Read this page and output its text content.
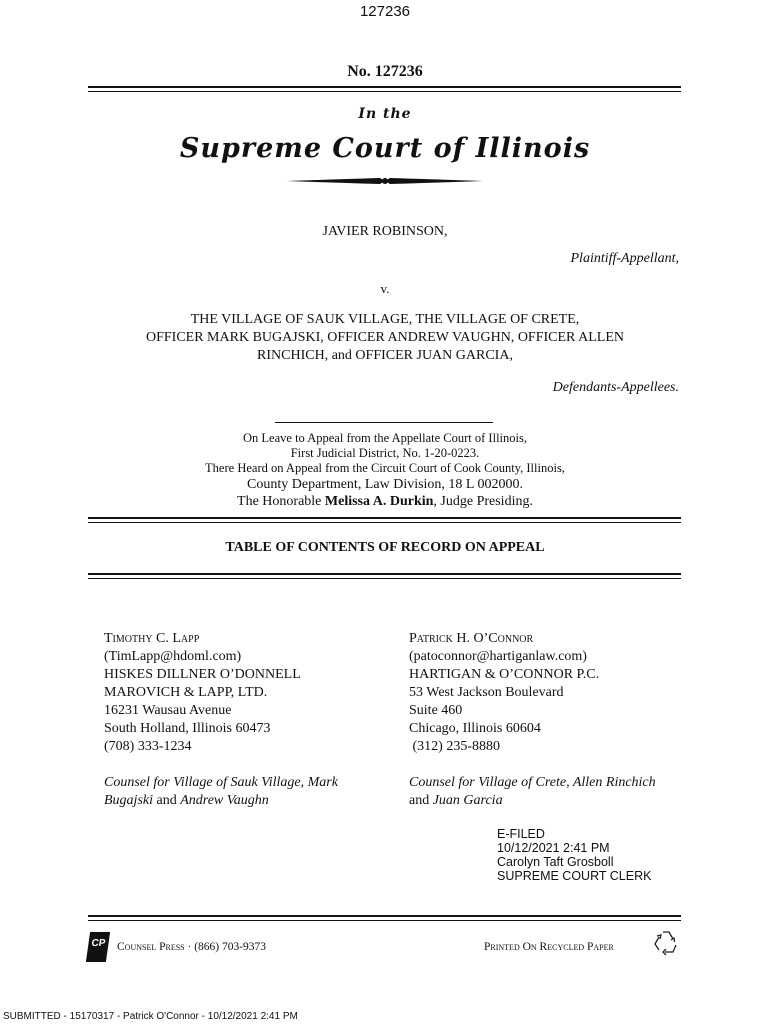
127236
No. 127236
In the
Supreme Court of Illinois
JAVIER ROBINSON,
Plaintiff-Appellant,
v.
THE VILLAGE OF SAUK VILLAGE, THE VILLAGE OF CRETE,
OFFICER MARK BUGAJSKI, OFFICER ANDREW VAUGHN, OFFICER ALLEN
RINCHICH, and OFFICER JUAN GARCIA,
Defendants-Appellees.
On Leave to Appeal from the Appellate Court of Illinois,
First Judicial District, No. 1-20-0223.
There Heard on Appeal from the Circuit Court of Cook County, Illinois,
County Department, Law Division, 18 L 002000.
The Honorable Melissa A. Durkin, Judge Presiding.
TABLE OF CONTENTS OF RECORD ON APPEAL
Timothy C. Lapp
(TimLapp@hdoml.com)
HISKES DILLNER O’DONNELL
MAROVICH & LAPP, LTD.
16231 Wausau Avenue
South Holland, Illinois 60473
(708) 333-1234
Counsel for Village of Sauk Village, Mark
Bugajski and Andrew Vaughn
Patrick H. O’Connor
(patoconnor@hartiganlaw.com)
HARTIGAN & O’CONNOR P.C.
53 West Jackson Boulevard
Suite 460
Chicago, Illinois 60604
(312) 235-8880
Counsel for Village of Crete, Allen Rinchich
and Juan Garcia
E-FILED
10/12/2021 2:41 PM
Carolyn Taft Grosboll
SUPREME COURT CLERK
CP Counsel Press · (866) 703-9373	Printed On Recycled Paper
SUBMITTED - 15170317 - Patrick O'Connor - 10/12/2021 2:41 PM
